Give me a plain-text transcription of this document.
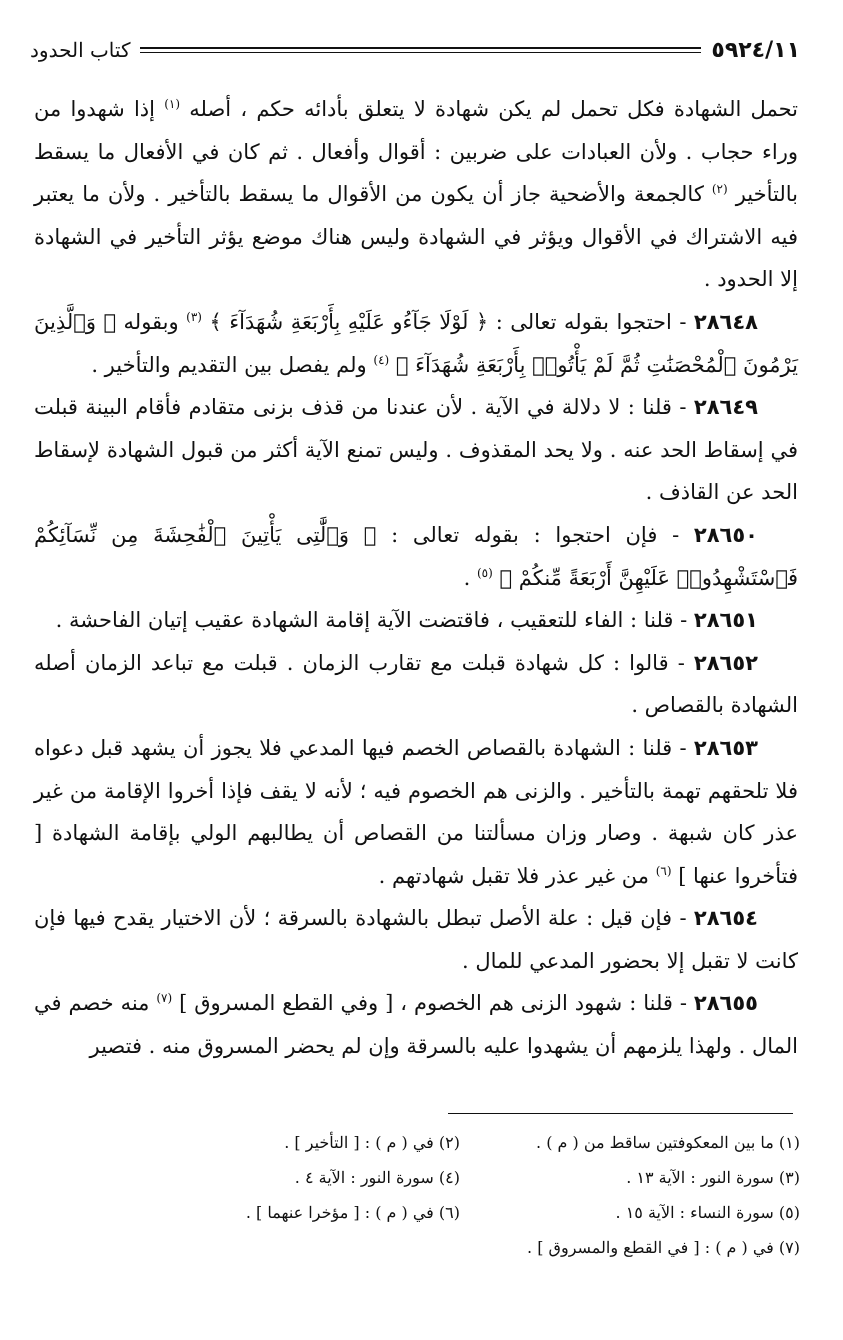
٥٩٢٤/١١
كتاب الحدود

تحمل الشهادة فكل تحمل لم يكن شهادة لا يتعلق بأدائه حكم ، أصله $^{(١)}$ إذا شهدوا من وراء حجاب . ولأن العبادات على ضربين : أقوال وأفعال . ثم كان في الأفعال ما يسقط بالتأخير $^{(٢)}$ كالجمعة والأضحية جاز أن يكون من الأقوال ما يسقط بالتأخير . ولأن ما يعتبر فيه الاشتراك في الأقوال ويؤثر في الشهادة وليس هناك موضع يؤثر التأخير في الشهادة إلا الحدود .

٢٨٦٤٨ - احتجوا بقوله تعالى : ﴿ لَوْلَا جَآءُو عَلَيْهِ بِأَرْبَعَةِ شُهَدَآءَ ﴾ $^{(٣)}$ وبقوله ﴿ وَٱلَّذِينَ يَرْمُونَ ٱلْمُحْصَنَٰتِ ثُمَّ لَمْ يَأْتُوا۟ بِأَرْبَعَةِ شُهَدَآءَ ﴾ $^{(٤)}$ ولم يفصل بين التقديم والتأخير .

٢٨٦٤٩ - قلنا : لا دلالة في الآية . لأن عندنا من قذف بزنى متقادم فأقام البينة قبلت في إسقاط الحد عنه . ولا يحد المقذوف . وليس تمنع الآية أكثر من قبول الشهادة لإسقاط الحد عن القاذف .

٢٨٦٥٠ - فإن احتجوا : بقوله تعالى : ﴿ وَٱلَّٰتِى يَأْتِينَ ٱلْفَٰحِشَةَ مِن نِّسَآئِكُمْ فَٱسْتَشْهِدُوا۟ عَلَيْهِنَّ أَرْبَعَةً مِّنكُمْ ﴾ $^{(٥)}$ .

٢٨٦٥١ - قلنا : الفاء للتعقيب ، فاقتضت الآية إقامة الشهادة عقيب إتيان الفاحشة .

٢٨٦٥٢ - قالوا : كل شهادة قبلت مع تقارب الزمان . قبلت مع تباعد الزمان أصله الشهادة بالقصاص .

٢٨٦٥٣ - قلنا : الشهادة بالقصاص الخصم فيها المدعي فلا يجوز أن يشهد قبل دعواه فلا تلحقهم تهمة بالتأخير . والزنى هم الخصوم فيه ؛ لأنه لا يقف فإذا أخروا الإقامة من غير عذر كان شبهة . وصار وزان مسألتنا من القصاص أن يطالبهم الولي بإقامة الشهادة [ فتأخروا عنها ] $^{(٦)}$ من غير عذر فلا تقبل شهادتهم .

٢٨٦٥٤ - فإن قيل : علة الأصل تبطل بالشهادة بالسرقة ؛ لأن الاختيار يقدح فيها فإن كانت لا تقبل إلا بحضور المدعي للمال .

٢٨٦٥٥ - قلنا : شهود الزنى هم الخصوم ، [ وفي القطع المسروق ] $^{(٧)}$ منه خصم في المال . ولهذا يلزمهم أن يشهدوا عليه بالسرقة وإن لم يحضر المسروق منه . فتصير

(١) ما بين المعكوفتين ساقط من ( م ) .
(٢) في ( م ) : [ التأخير ] .
(٣) سورة النور : الآية ١٣ .
(٤) سورة النور : الآية ٤ .
(٥) سورة النساء : الآية ١٥ .
(٦) في ( م ) : [ مؤخرا عنهما ] .
(٧) في ( م ) : [ في القطع والمسروق ] .
